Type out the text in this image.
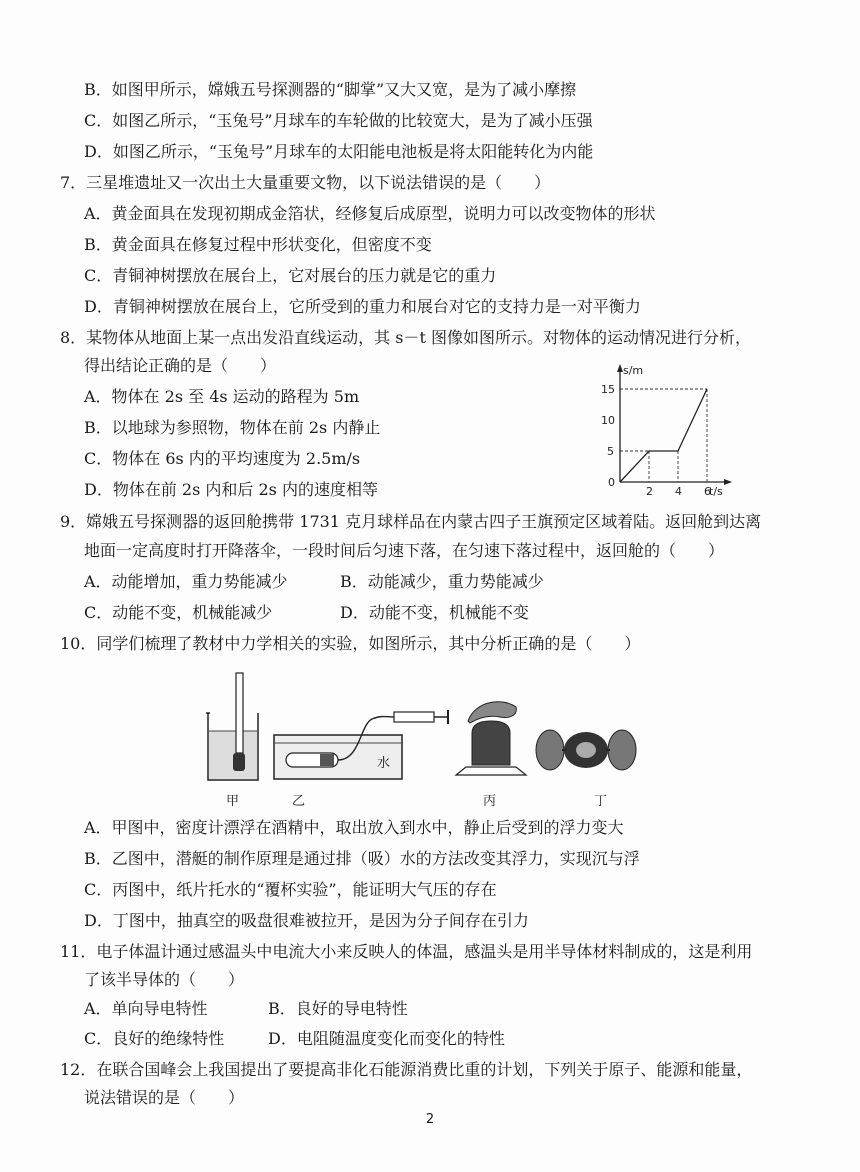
B．如图甲所示，嫦娥五号探测器的“脚掌”又大又宽，是为了减小摩擦
C．如图乙所示，“玉兔号”月球车的车轮做的比较宽大，是为了减小压强
D．如图乙所示，“玉兔号”月球车的太阳能电池板是将太阳能转化为内能
7．三星堆遗址又一次出土大量重要文物，以下说法错误的是（　　）
A．黄金面具在发现初期成金箔状，经修复后成原型，说明力可以改变物体的形状
B．黄金面具在修复过程中形状变化，但密度不变
C．青铜神树摆放在展台上，它对展台的压力就是它的重力
D．青铜神树摆放在展台上，它所受到的重力和展台对它的支持力是一对平衡力
8．某物体从地面上某一点出发沿直线运动，其 s－t 图像如图所示。对物体的运动情况进行分析，
得出结论正确的是（　　）
A．物体在 2s 至 4s 运动的路程为 5m
B．以地球为参照物，物体在前 2s 内静止
C．物体在 6s 内的平均速度为 2.5m/s
D．物体在前 2s 内和后 2s 内的速度相等
s/m
t/s
0
2 4 6
5
10
15
9．嫦娥五号探测器的返回舱携带 1731 克月球样品在内蒙古四子王旗预定区域着陆。返回舱到达离
地面一定高度时打开降落伞，一段时间后匀速下落，在匀速下落过程中，返回舱的（　　）
A．动能增加，重力势能减少	B．动能减少，重力势能减少
C．动能不变，机械能减少	D．动能不变，机械能不变
10．同学们梳理了教材中力学相关的实验，如图所示，其中分析正确的是（　　）
水
甲	乙	丙	丁
A．甲图中，密度计漂浮在酒精中，取出放入到水中，静止后受到的浮力变大
B．乙图中，潜艇的制作原理是通过排（吸）水的方法改变其浮力，实现沉与浮
C．丙图中，纸片托水的“覆杯实验”，能证明大气压的存在
D．丁图中，抽真空的吸盘很难被拉开，是因为分子间存在引力
11．电子体温计通过感温头中电流大小来反映人的体温，感温头是用半导体材料制成的，这是利用
了该半导体的（　　）
A．单向导电特性	B．良好的导电特性
C．良好的绝缘特性	D．电阻随温度变化而变化的特性
12．在联合国峰会上我国提出了要提高非化石能源消费比重的计划，下列关于原子、能源和能量，
说法错误的是（　　）
2
